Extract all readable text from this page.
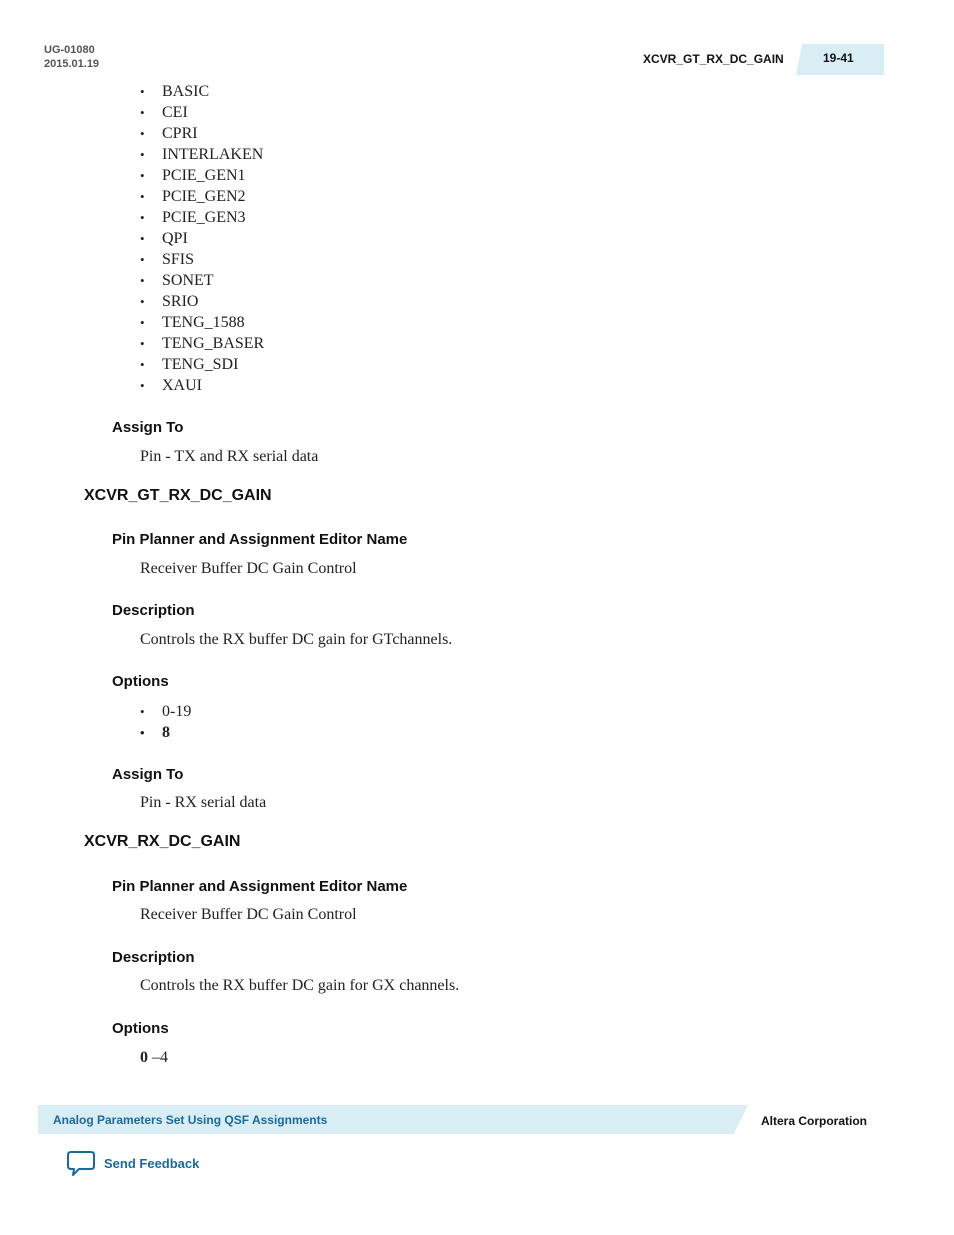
UG-01080
2015.01.19	XCVR_GT_RX_DC_GAIN	19-41
• BASIC
• CEI
• CPRI
• INTERLAKEN
• PCIE_GEN1
• PCIE_GEN2
• PCIE_GEN3
• QPI
• SFIS
• SONET
• SRIO
• TENG_1588
• TENG_BASER
• TENG_SDI
• XAUI
Assign To
Pin - TX and RX serial data
XCVR_GT_RX_DC_GAIN
Pin Planner and Assignment Editor Name
Receiver Buffer DC Gain Control
Description
Controls the RX buffer DC gain for GTchannels.
Options
• 0-19
• 8
Assign To
Pin - RX serial data
XCVR_RX_DC_GAIN
Pin Planner and Assignment Editor Name
Receiver Buffer DC Gain Control
Description
Controls the RX buffer DC gain for GX channels.
Options
0 –4
Analog Parameters Set Using QSF Assignments	Altera Corporation
Send Feedback
